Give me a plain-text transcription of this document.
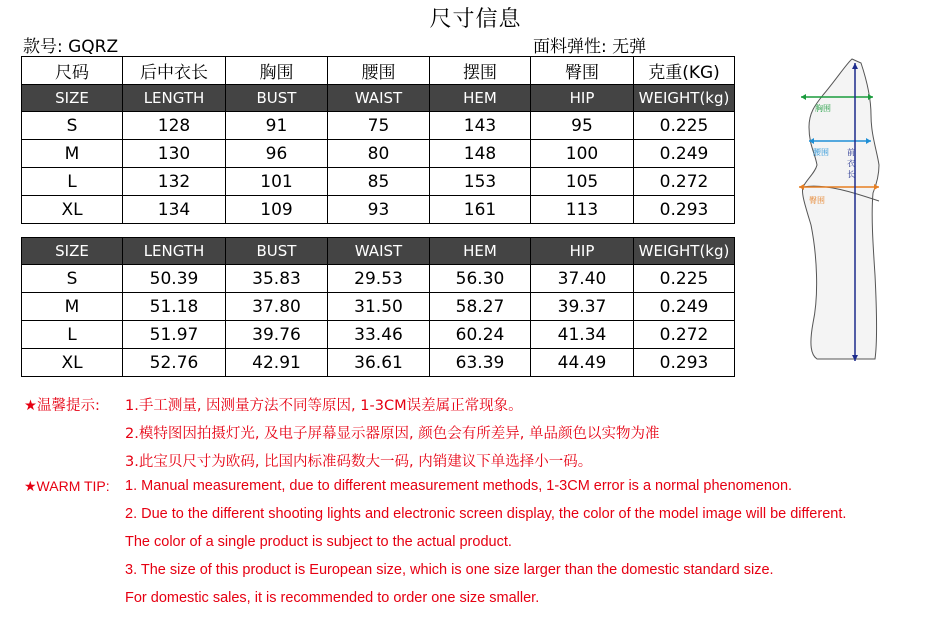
尺寸信息
款号: GQRZ	面料弹性: 无弹
尺码	后中衣长	胸围	腰围	摆围	臀围	克重(KG)
SIZE	LENGTH	BUST	WAIST	HEM	HIP	WEIGHT(kg)
S	128	91	75	143	95	0.225
M	130	96	80	148	100	0.249
L	132	101	85	153	105	0.272
XL	134	109	93	161	113	0.293
SIZE	LENGTH	BUST	WAIST	HEM	HIP	WEIGHT(kg)
S	50.39	35.83	29.53	56.30	37.40	0.225
M	51.18	37.80	31.50	58.27	39.37	0.249
L	51.97	39.76	33.46	60.24	41.34	0.272
XL	52.76	42.91	36.61	63.39	44.49	0.293
胸围
腰围
臀围
前 衣 长
★温馨提示: 1.手工测量, 因测量方法不同等原因, 1-3CM误差属正常现象。
2.模特图因拍摄灯光, 及电子屏幕显示器原因, 颜色会有所差异, 单品颜色以实物为准
3.此宝贝尺寸为欧码, 比国内标准码数大一码, 内销建议下单选择小一码。
★WARM TIP: 1. Manual measurement, due to different measurement methods, 1-3CM error is a normal phenomenon.
2. Due to the different shooting lights and electronic screen display, the color of the model image will be different.
The color of a single product is subject to the actual product.
3. The size of this product is European size, which is one size larger than the domestic standard size.
For domestic sales, it is recommended to order one size smaller.
